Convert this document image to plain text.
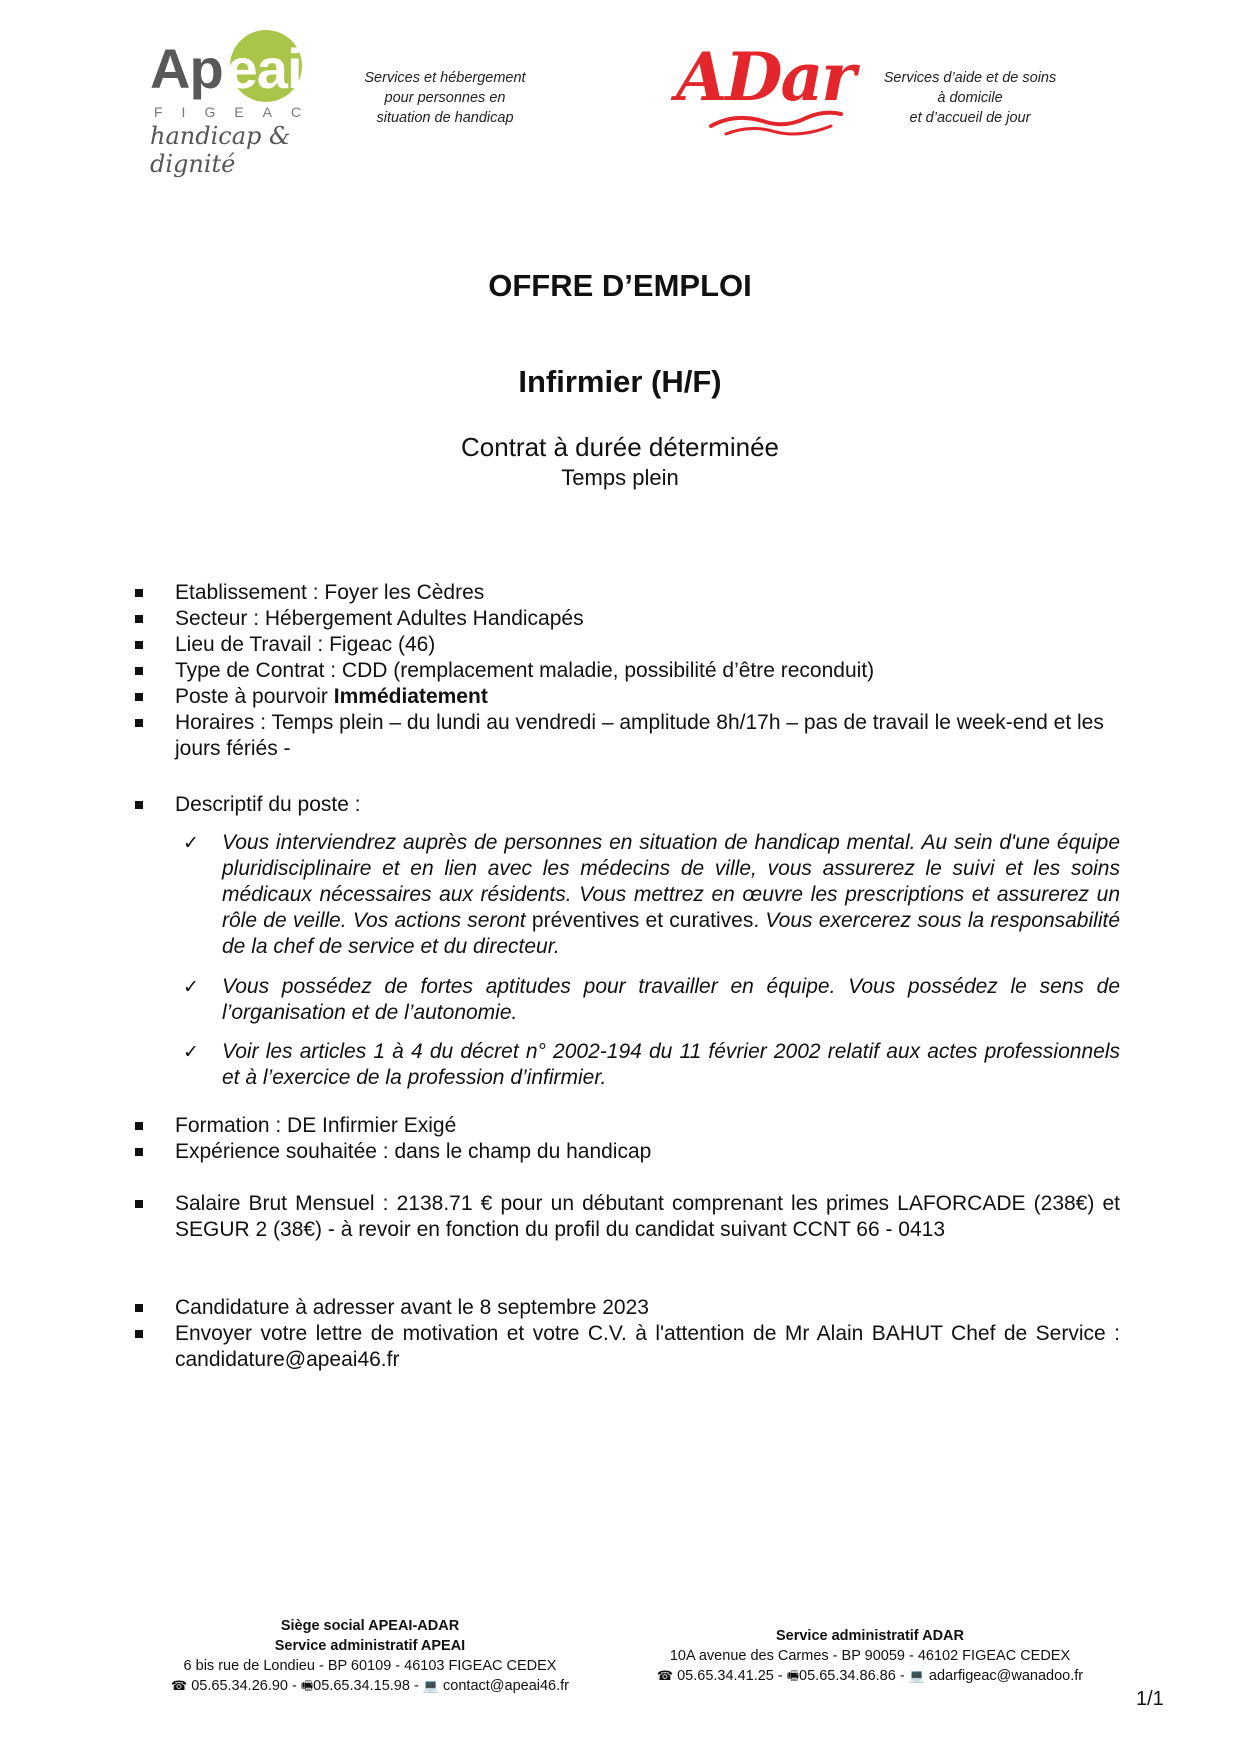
Apeai
FIGEAC
handicap & dignité
Services et hébergement
pour personnes en
situation de handicap
ADar	Services d’aide et de soins
à domicile
et d’accueil de jour
OFFRE D’EMPLOI
Infirmier (H/F)
Contrat à durée déterminée
Temps plein
Etablissement : Foyer les Cèdres
Secteur : Hébergement Adultes Handicapés
Lieu de Travail : Figeac (46)
Type de Contrat : CDD (remplacement maladie, possibilité d’être reconduit)
Poste à pourvoir Immédiatement
Horaires : Temps plein – du lundi au vendredi – amplitude 8h/17h – pas de travail le week-end et les jours fériés -
Descriptif du poste :
✓ Vous interviendrez auprès de personnes en situation de handicap mental. Au sein d'une équipe pluridisciplinaire et en lien avec les médecins de ville, vous assurerez le suivi et les soins médicaux nécessaires aux résidents. Vous mettrez en œuvre les prescriptions et assurerez un rôle de veille. Vos actions seront préventives et curatives. Vous exercerez sous la responsabilité de la chef de service et du directeur.
✓ Vous possédez de fortes aptitudes pour travailler en équipe. Vous possédez le sens de l’organisation et de l’autonomie.
✓ Voir les articles 1 à 4 du décret n° 2002-194 du 11 février 2002 relatif aux actes professionnels et à l’exercice de la profession d’infirmier.
Formation : DE Infirmier Exigé
Expérience souhaitée : dans le champ du handicap
Salaire Brut Mensuel : 2138.71 € pour un débutant comprenant les primes LAFORCADE (238€) et SEGUR 2 (38€) - à revoir en fonction du profil du candidat suivant CCNT 66 - 0413
Candidature à adresser avant le 8 septembre 2023
Envoyer votre lettre de motivation et votre C.V. à l'attention de Mr Alain BAHUT Chef de Service : candidature@apeai46.fr
Siège social APEAI-ADAR
Service administratif APEAI
6 bis rue de Londieu - BP 60109 - 46103 FIGEAC CEDEX
☎ 05.65.34.26.90 - 🖷05.65.34.15.98 - 💻 contact@apeai46.fr
Service administratif ADAR
10A avenue des Carmes - BP 90059 - 46102 FIGEAC CEDEX
☎ 05.65.34.41.25 - 🖷05.65.34.86.86 - 💻 adarfigeac@wanadoo.fr
1/1
